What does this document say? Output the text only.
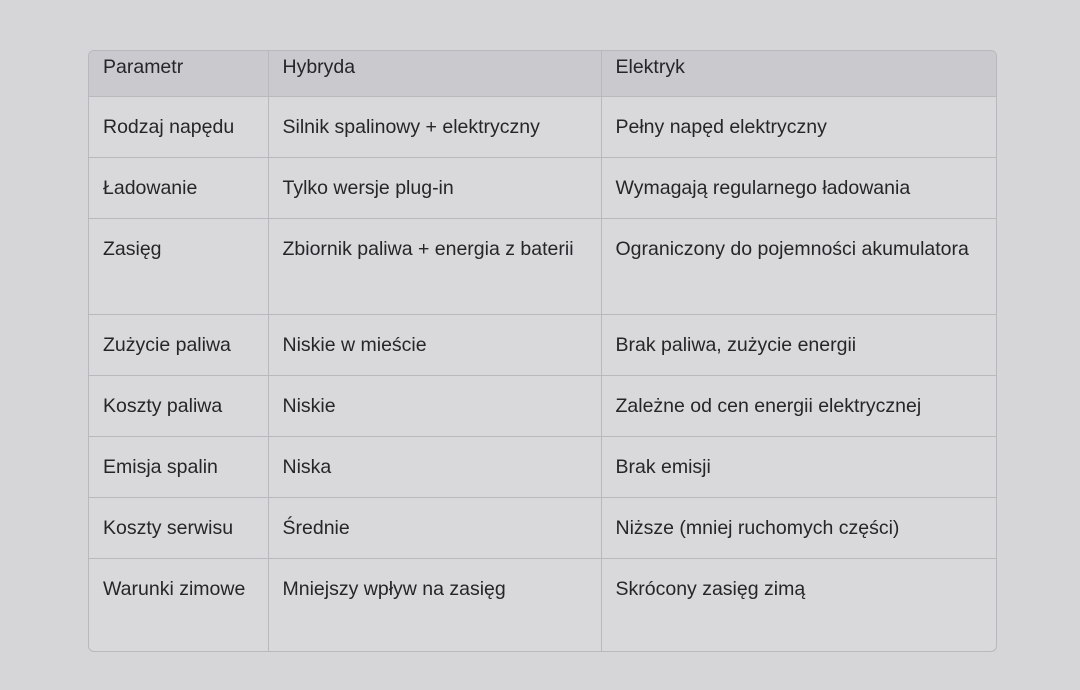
Parametr	Hybryda	Elektryk
Rodzaj napędu	Silnik spalinowy + elektryczny	Pełny napęd elektryczny
Ładowanie	Tylko wersje plug-in	Wymagają regularnego ładowania
Zasięg	Zbiornik paliwa + energia z baterii	Ograniczony do pojemności akumulatora
Zużycie paliwa	Niskie w mieście	Brak paliwa, zużycie energii
Koszty paliwa	Niskie	Zależne od cen energii elektrycznej
Emisja spalin	Niska	Brak emisji
Koszty serwisu	Średnie	Niższe (mniej ruchomych części)
Warunki zimowe	Mniejszy wpływ na zasięg	Skrócony zasięg zimą
